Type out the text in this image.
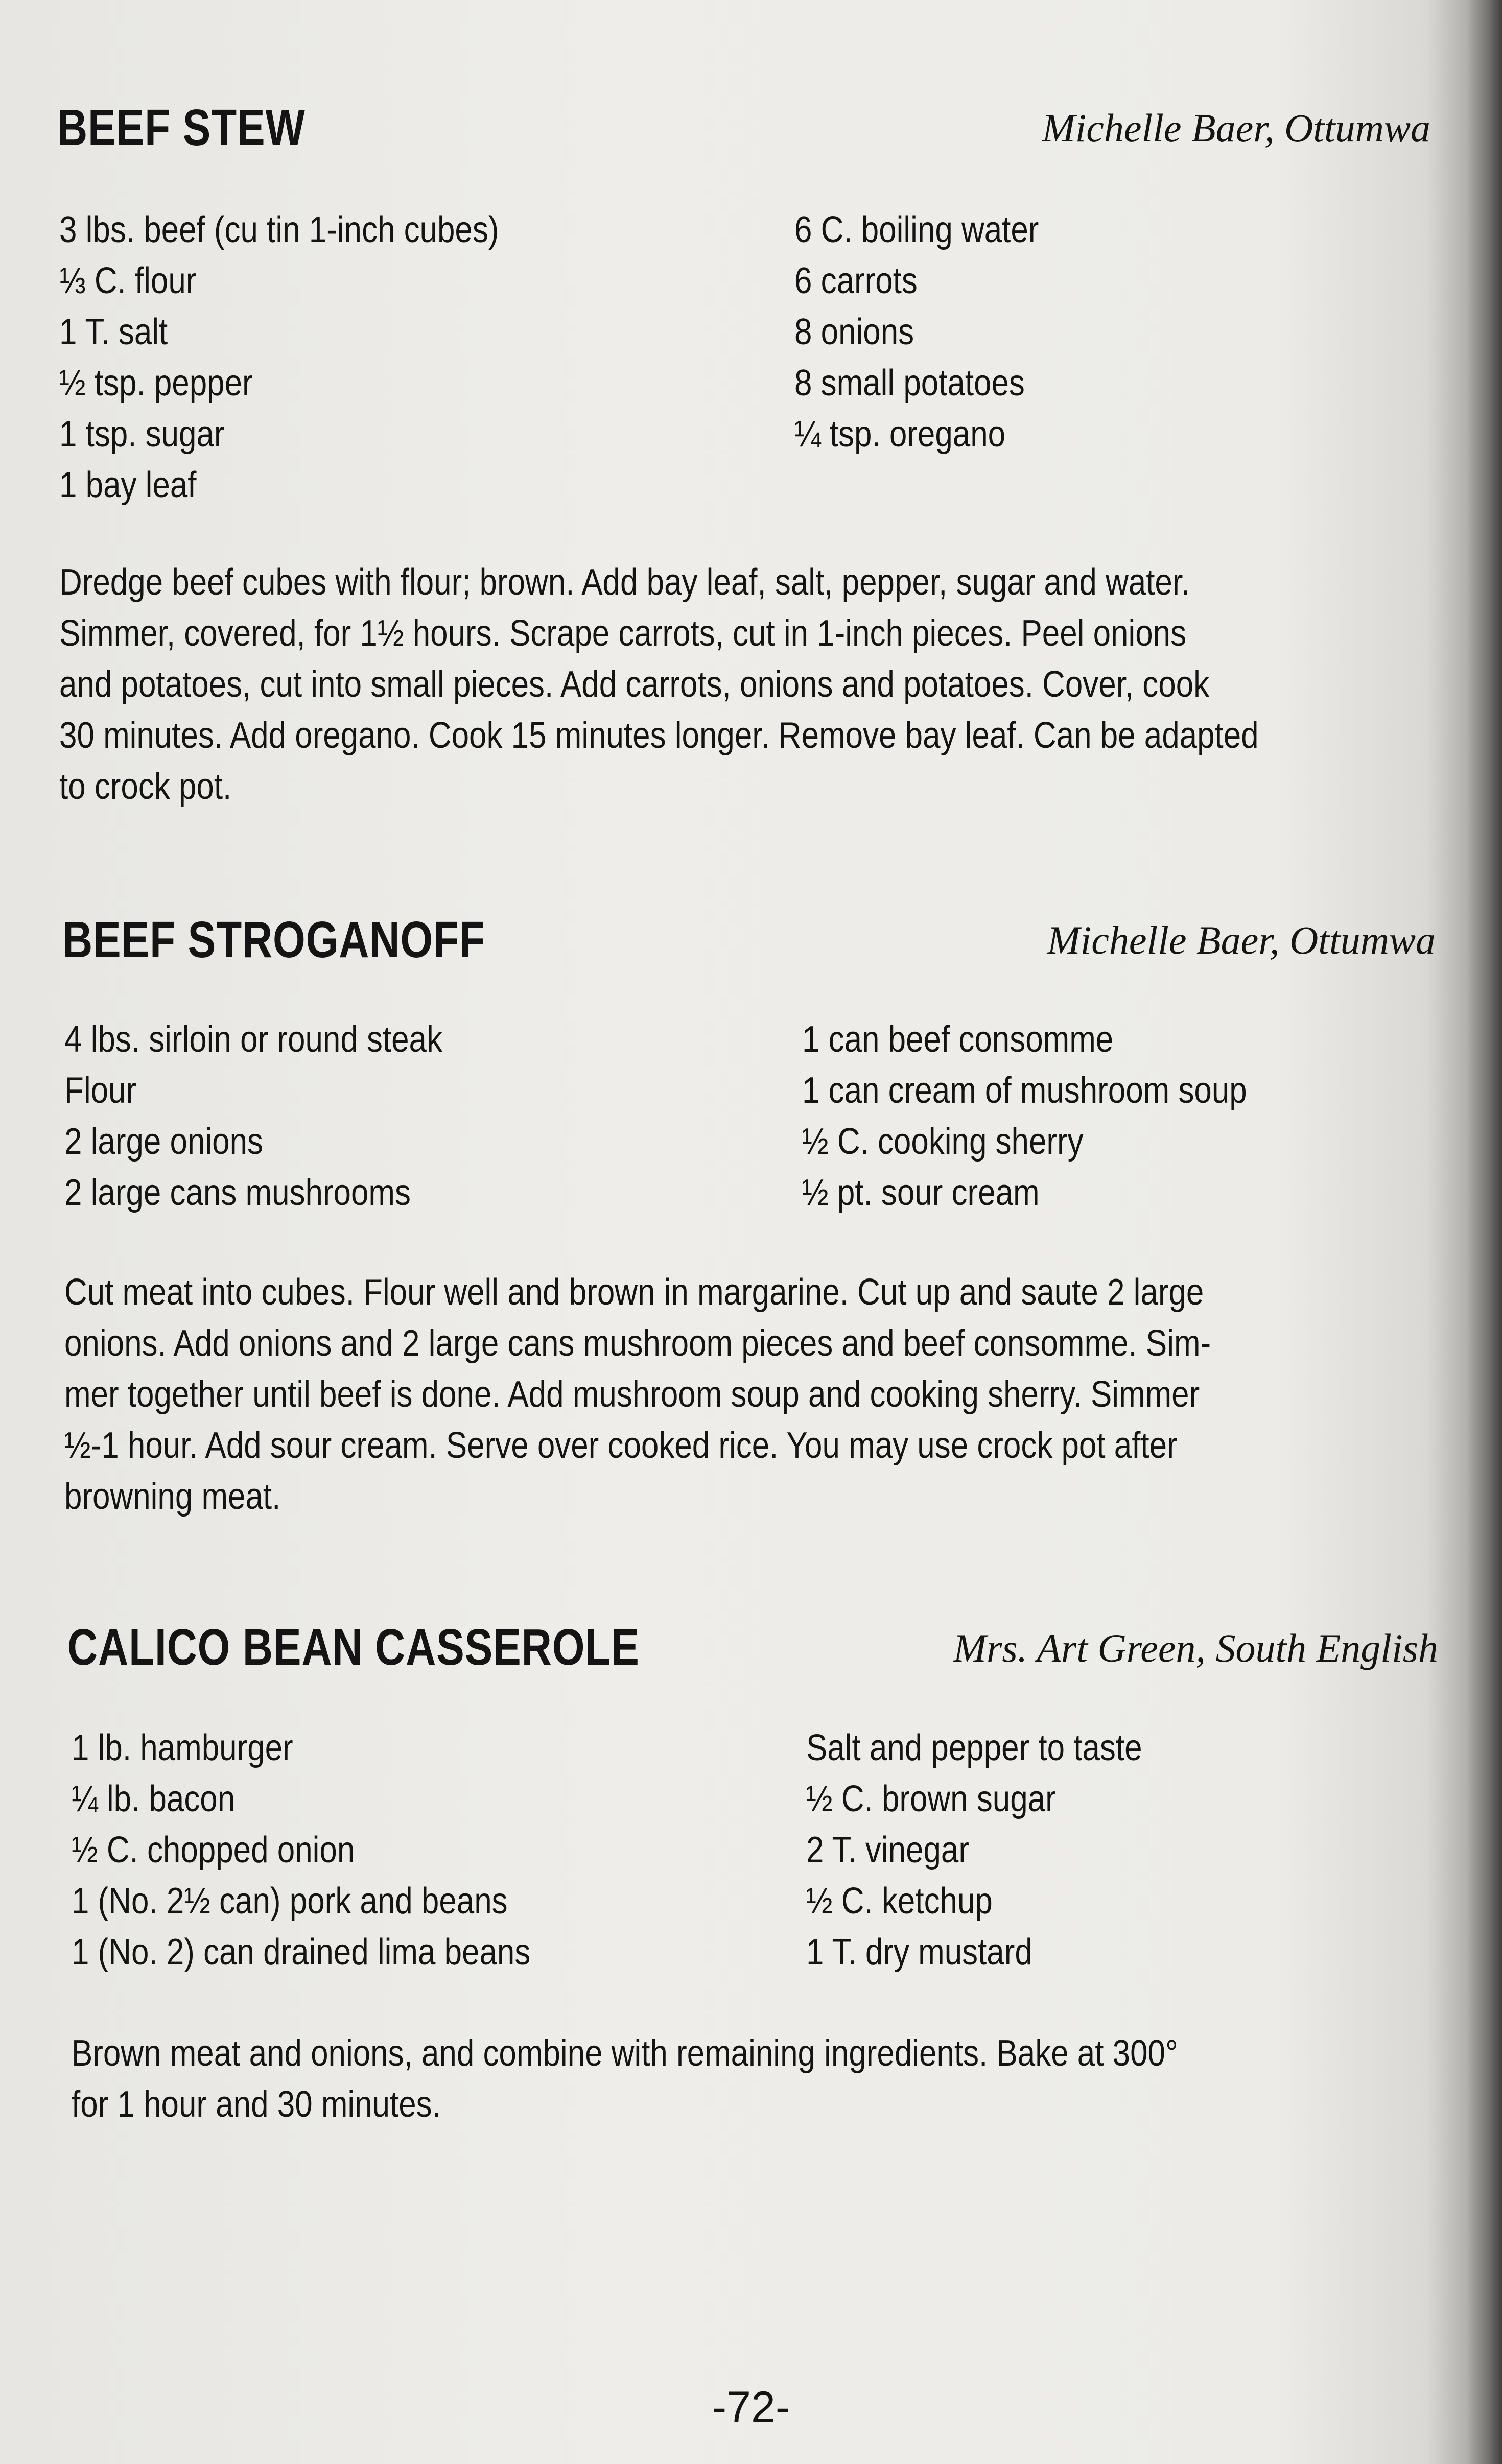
BEEF STEW	Michelle Baer, Ottumwa
3 lbs. beef (cu tin 1-inch cubes)
⅓ C. flour
1 T. salt
½ tsp. pepper
1 tsp. sugar
1 bay leaf
6 C. boiling water
6 carrots
8 onions
8 small potatoes
¼ tsp. oregano
Dredge beef cubes with flour; brown. Add bay leaf, salt, pepper, sugar and water.
Simmer, covered, for 1½ hours. Scrape carrots, cut in 1-inch pieces. Peel onions
and potatoes, cut into small pieces. Add carrots, onions and potatoes. Cover, cook
30 minutes. Add oregano. Cook 15 minutes longer. Remove bay leaf. Can be adapted
to crock pot.
BEEF STROGANOFF	Michelle Baer, Ottumwa
4 lbs. sirloin or round steak
Flour
2 large onions
2 large cans mushrooms
1 can beef consomme
1 can cream of mushroom soup
½ C. cooking sherry
½ pt. sour cream
Cut meat into cubes. Flour well and brown in margarine. Cut up and saute 2 large
onions. Add onions and 2 large cans mushroom pieces and beef consomme. Sim-
mer together until beef is done. Add mushroom soup and cooking sherry. Simmer
½-1 hour. Add sour cream. Serve over cooked rice. You may use crock pot after
browning meat.
CALICO BEAN CASSEROLE	Mrs. Art Green, South English
1 lb. hamburger
¼ lb. bacon
½ C. chopped onion
1 (No. 2½ can) pork and beans
1 (No. 2) can drained lima beans
Salt and pepper to taste
½ C. brown sugar
2 T. vinegar
½ C. ketchup
1 T. dry mustard
Brown meat and onions, and combine with remaining ingredients. Bake at 300°
for 1 hour and 30 minutes.
-72-
